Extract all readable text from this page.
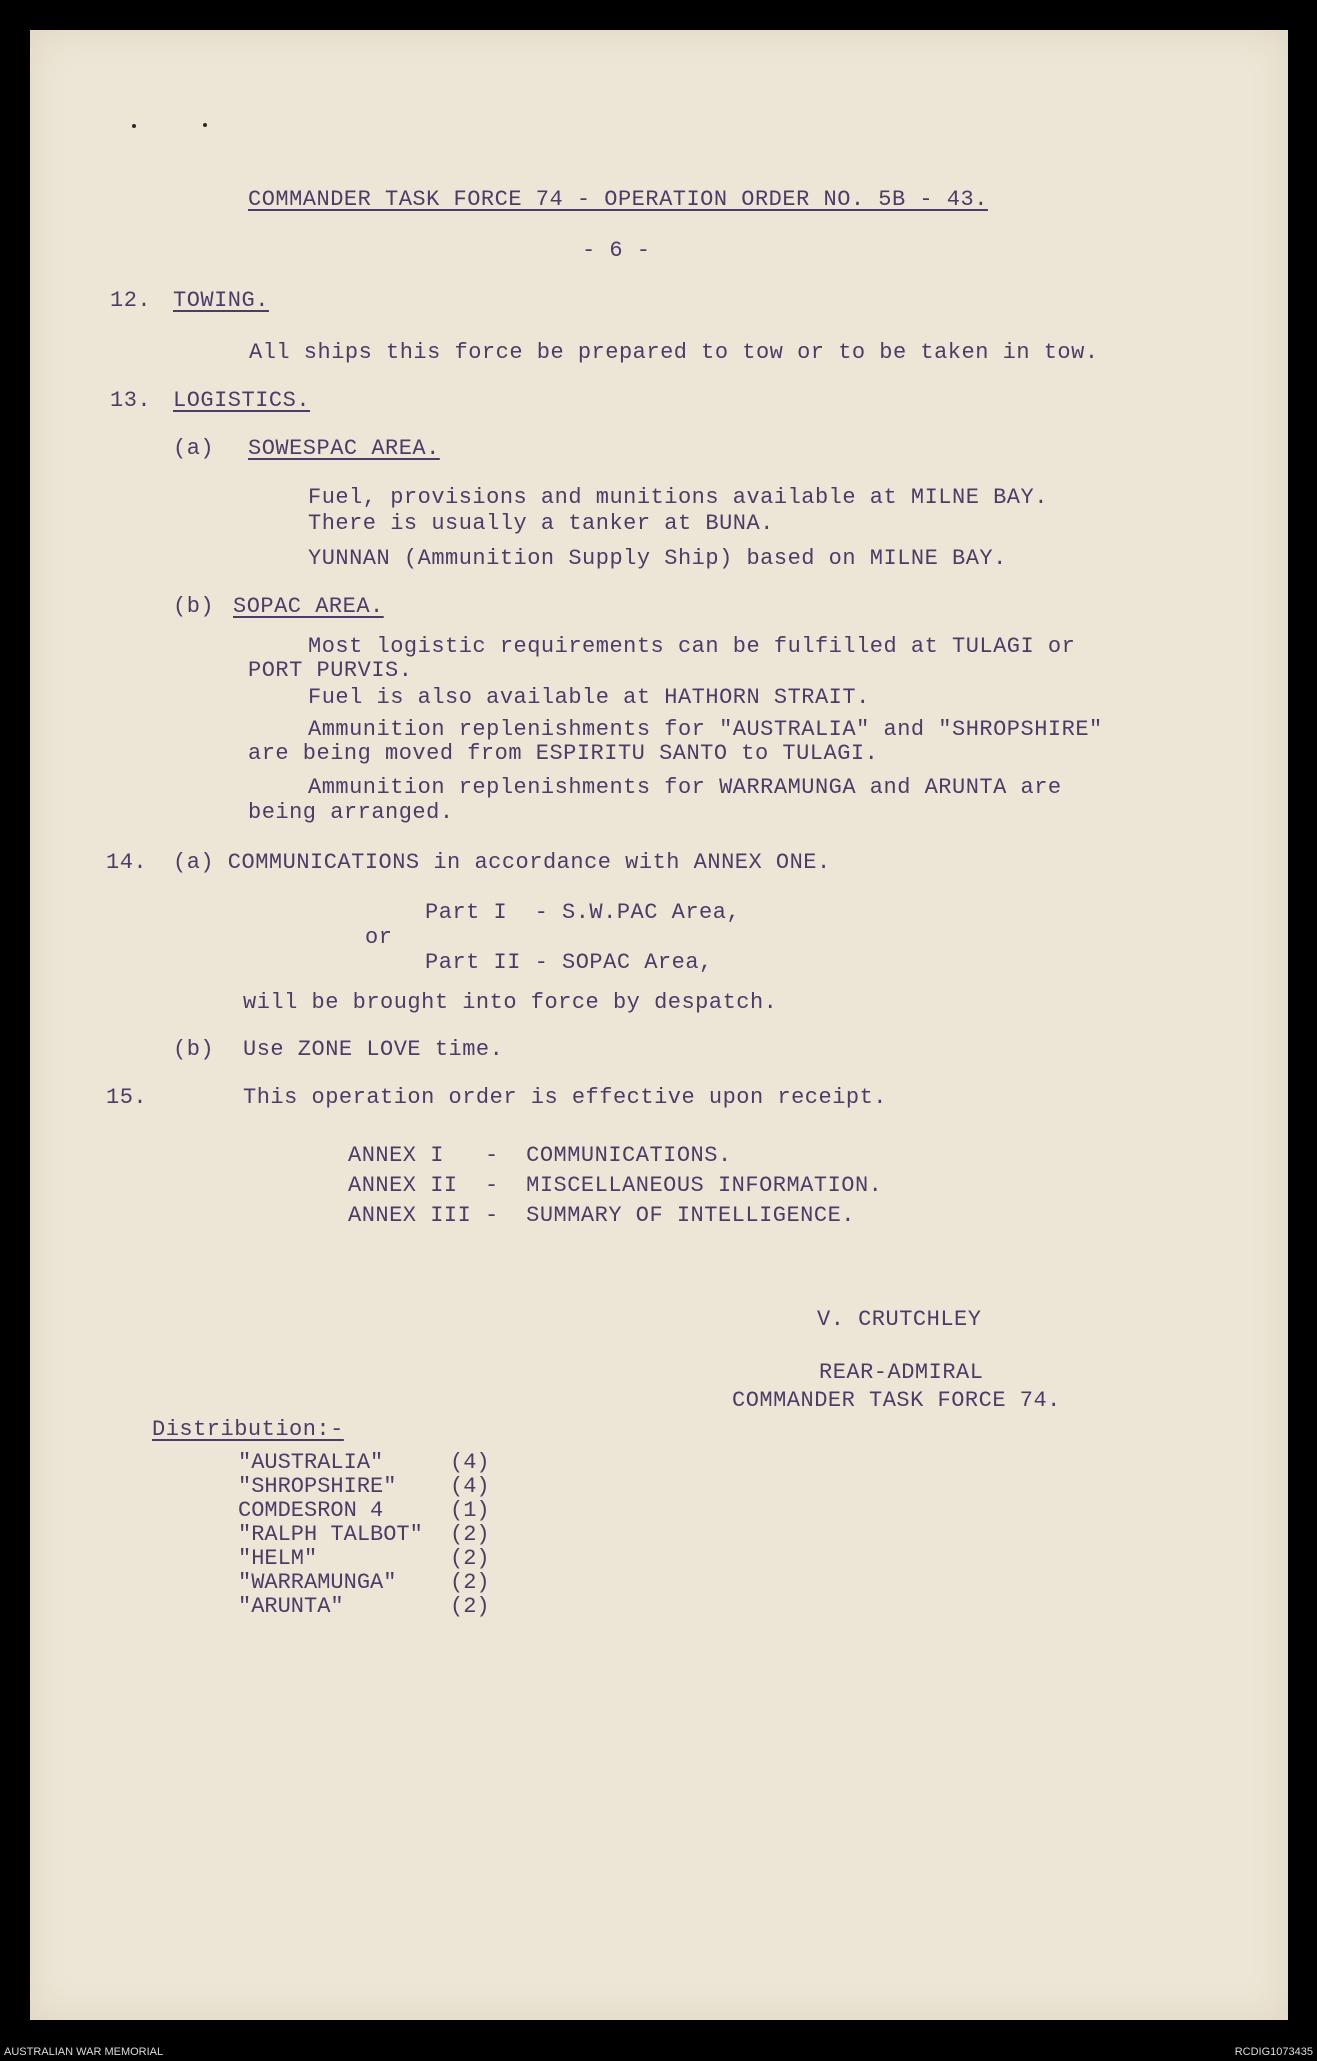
COMMANDER TASK FORCE 74 - OPERATION ORDER NO. 5B - 43.
- 6 -
12. TOWING.
All ships this force be prepared to tow or to be taken in tow.
13. LOGISTICS.
(a) SOWESPAC AREA.
Fuel, provisions and munitions available at MILNE BAY.
There is usually a tanker at BUNA.
YUNNAN (Ammunition Supply Ship) based on MILNE BAY.
(b) SOPAC AREA.
Most logistic requirements can be fulfilled at TULAGI or
PORT PURVIS.
Fuel is also available at HATHORN STRAIT.
Ammunition replenishments for "AUSTRALIA" and "SHROPSHIRE"
are being moved from ESPIRITU SANTO to TULAGI.
Ammunition replenishments for WARRAMUNGA and ARUNTA are
being arranged.
14. (a) COMMUNICATIONS in accordance with ANNEX ONE.
Part I  - S.W.PAC Area,
or
Part II - SOPAC Area,
will be brought into force by despatch.
(b) Use ZONE LOVE time.
15.	This operation order is effective upon receipt.
ANNEX I   -  COMMUNICATIONS.
ANNEX II  -  MISCELLANEOUS INFORMATION.
ANNEX III -  SUMMARY OF INTELLIGENCE.
V. CRUTCHLEY
REAR-ADMIRAL
COMMANDER TASK FORCE 74.
Distribution:-
"AUSTRALIA"	(4)
"SHROPSHIRE" (4)
COMDESRON 4	(1)
"RALPH TALBOT" (2)
"HELM"	(2)
"WARRAMUNGA" (2)
"ARUNTA"	(2)
AUSTRALIAN WAR MEMORIAL	RCDIG1073435
